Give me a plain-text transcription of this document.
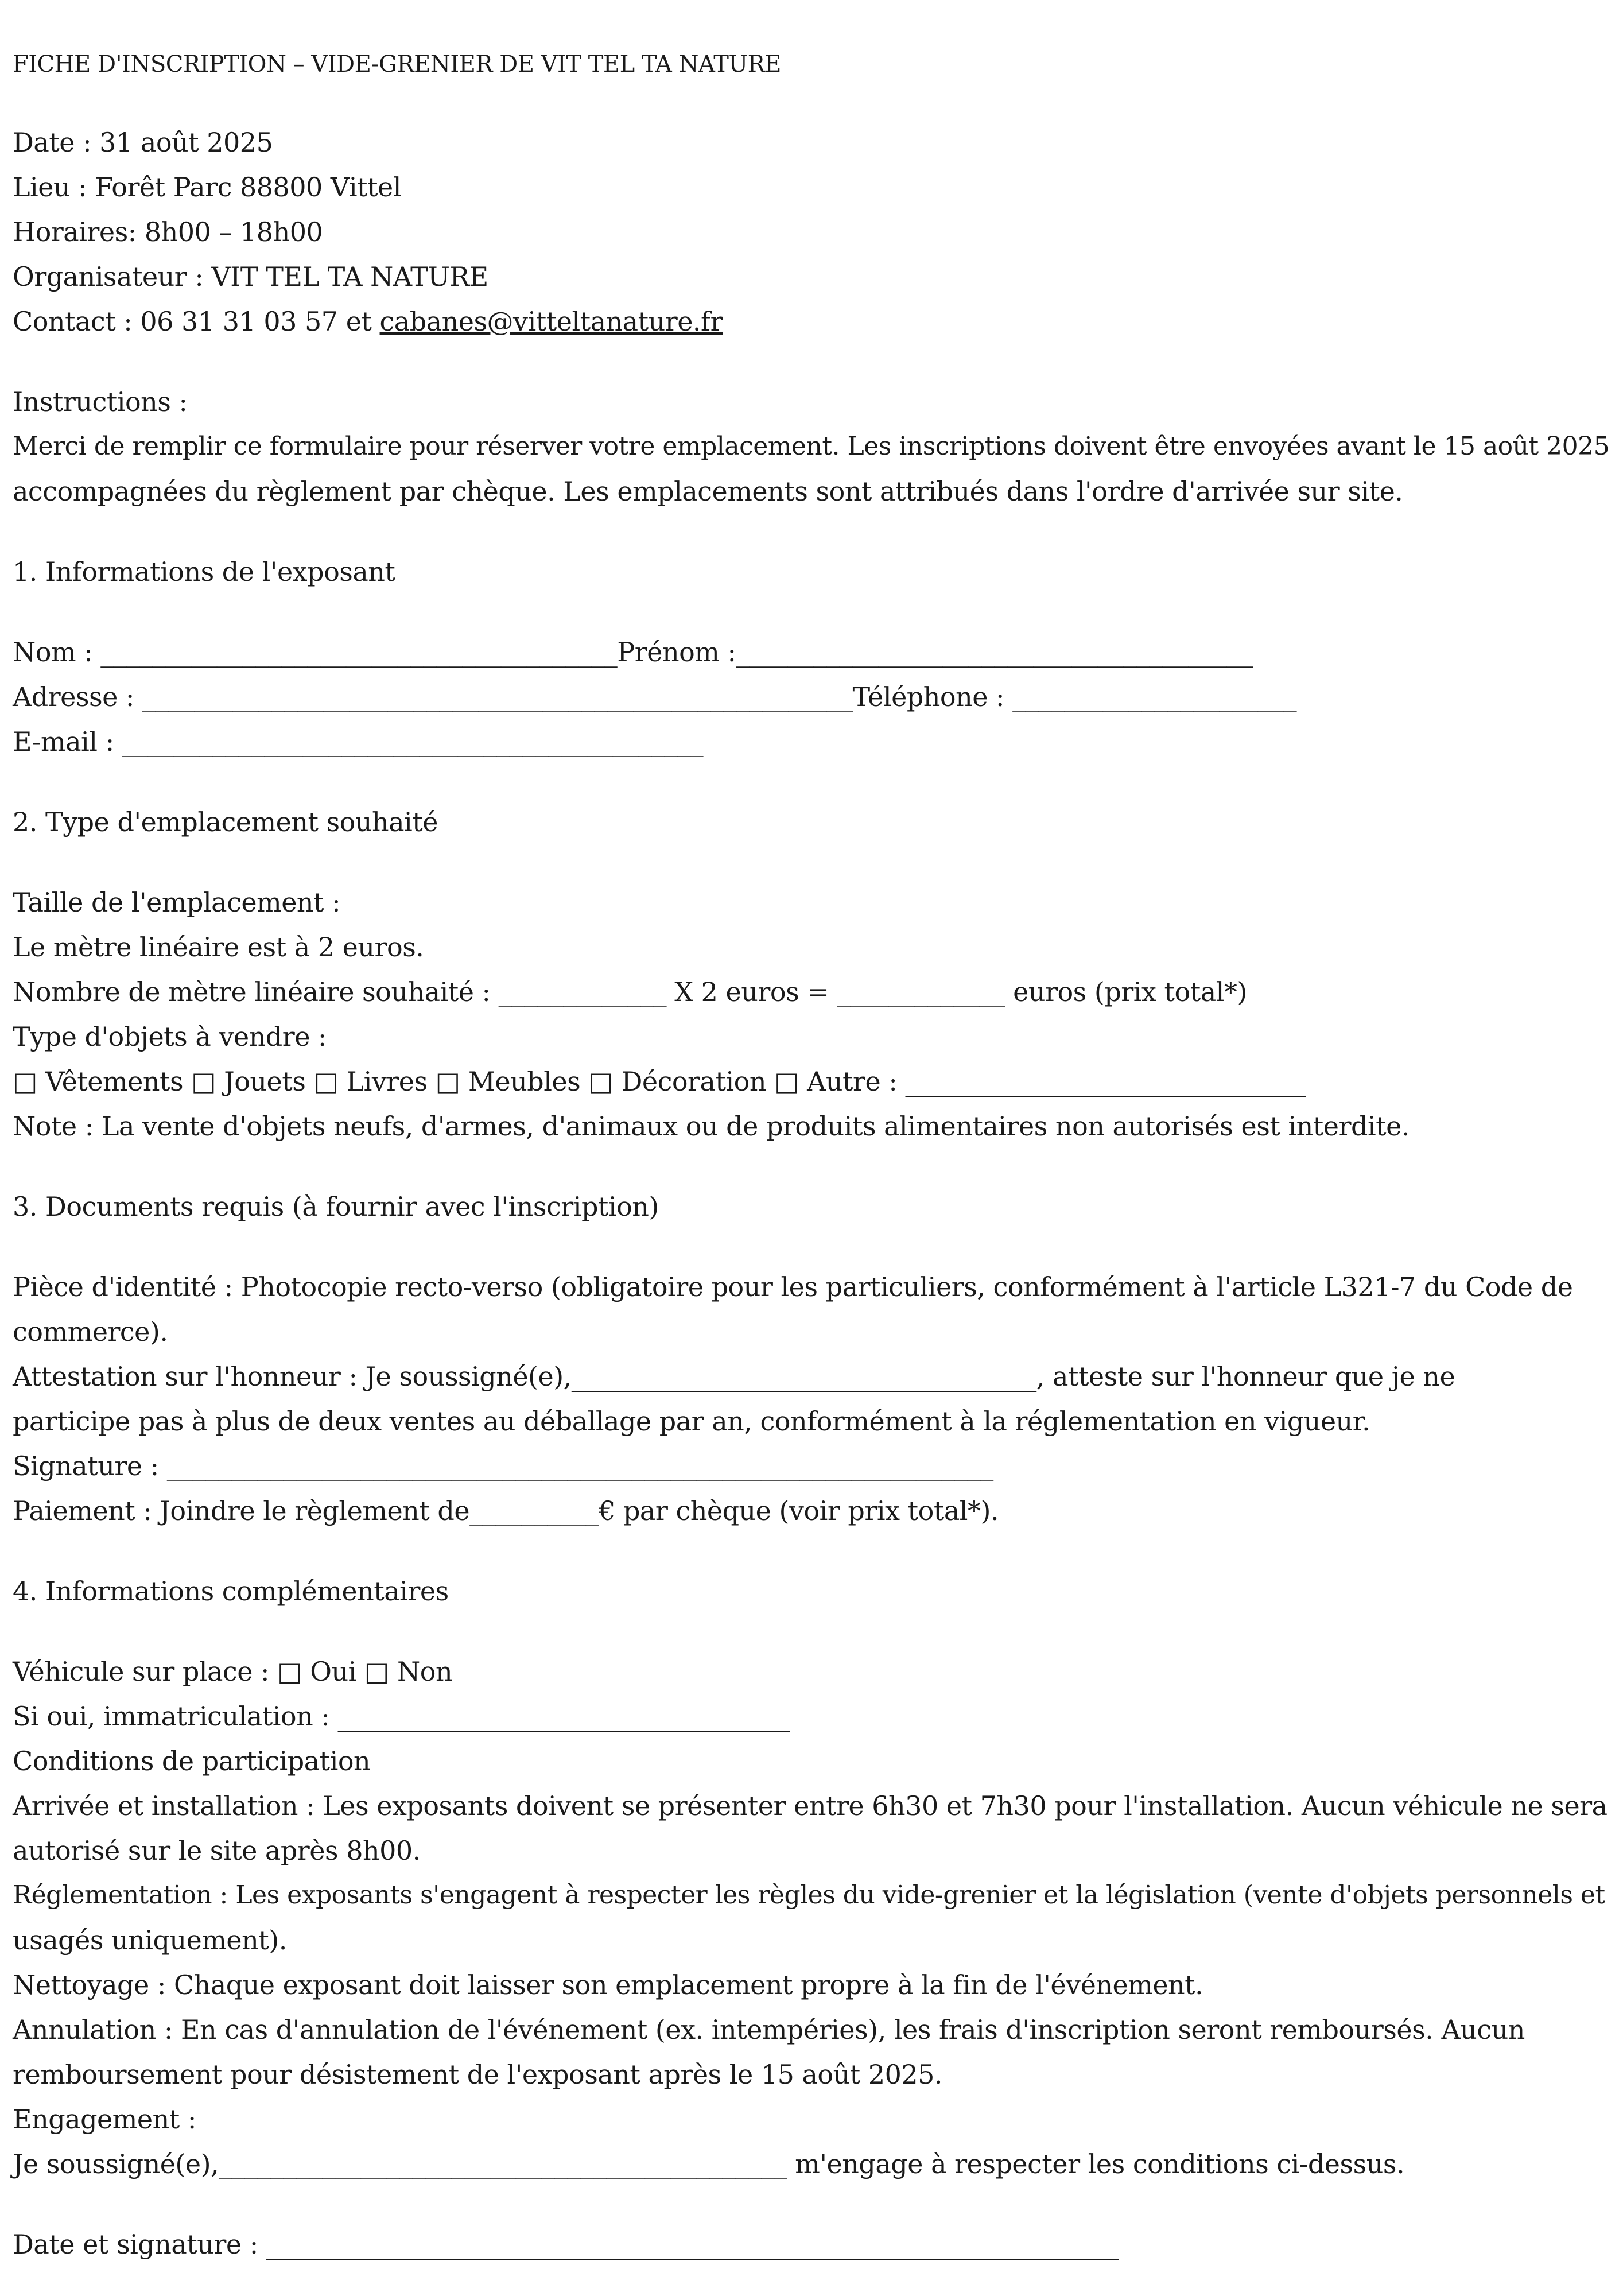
FICHE D'INSCRIPTION – VIDE-GRENIER DE VIT TEL TA NATURE

Date : 31 août 2025

Lieu : Forêt Parc 88800 Vittel

Horaires: 8h00 – 18h00

Organisateur : VIT TEL TA NATURE

Contact : 06 31 31 03 57 et cabanes@vitteltanature.fr

Instructions :

Merci de remplir ce formulaire pour réserver votre emplacement. Les inscriptions doivent être envoyées avant le 15 août 2025

accompagnées du règlement par chèque. Les emplacements sont attribués dans l'ordre d'arrivée sur site.

1. Informations de l'exposant

Nom : ________________________________________Prénom :________________________________________

Adresse : _______________________________________________________Téléphone : ______________________

E-mail : _____________________________________________

2. Type d'emplacement souhaité

Taille de l'emplacement :

Le mètre linéaire est à 2 euros.

Nombre de mètre linéaire souhaité : _____________ X 2 euros = _____________ euros (prix total*)

Type d'objets à vendre :

□ Vêtements □ Jouets □ Livres □ Meubles □ Décoration □ Autre : _______________________________

Note : La vente d'objets neufs, d'armes, d'animaux ou de produits alimentaires non autorisés est interdite.

3. Documents requis (à fournir avec l'inscription)

Pièce d'identité : Photocopie recto-verso (obligatoire pour les particuliers, conformément à l'article L321-7 du Code de

commerce).

Attestation sur l'honneur : Je soussigné(e),____________________________________, atteste sur l'honneur que je ne

participe pas à plus de deux ventes au déballage par an, conformément à la réglementation en vigueur.

Signature : ________________________________________________________________

Paiement : Joindre le règlement de__________€ par chèque (voir prix total*).

4. Informations complémentaires

Véhicule sur place : □ Oui □ Non

Si oui, immatriculation : ___________________________________

Conditions de participation

Arrivée et installation : Les exposants doivent se présenter entre 6h30 et 7h30 pour l'installation. Aucun véhicule ne sera

autorisé sur le site après 8h00.

Réglementation : Les exposants s'engagent à respecter les règles du vide-grenier et la législation (vente d'objets personnels et

usagés uniquement).

Nettoyage : Chaque exposant doit laisser son emplacement propre à la fin de l'événement.

Annulation : En cas d'annulation de l'événement (ex. intempéries), les frais d'inscription seront remboursés. Aucun

remboursement pour désistement de l'exposant après le 15 août 2025.

Engagement :

Je soussigné(e),____________________________________________ m'engage à respecter les conditions ci-dessus.

Date et signature : __________________________________________________________________
